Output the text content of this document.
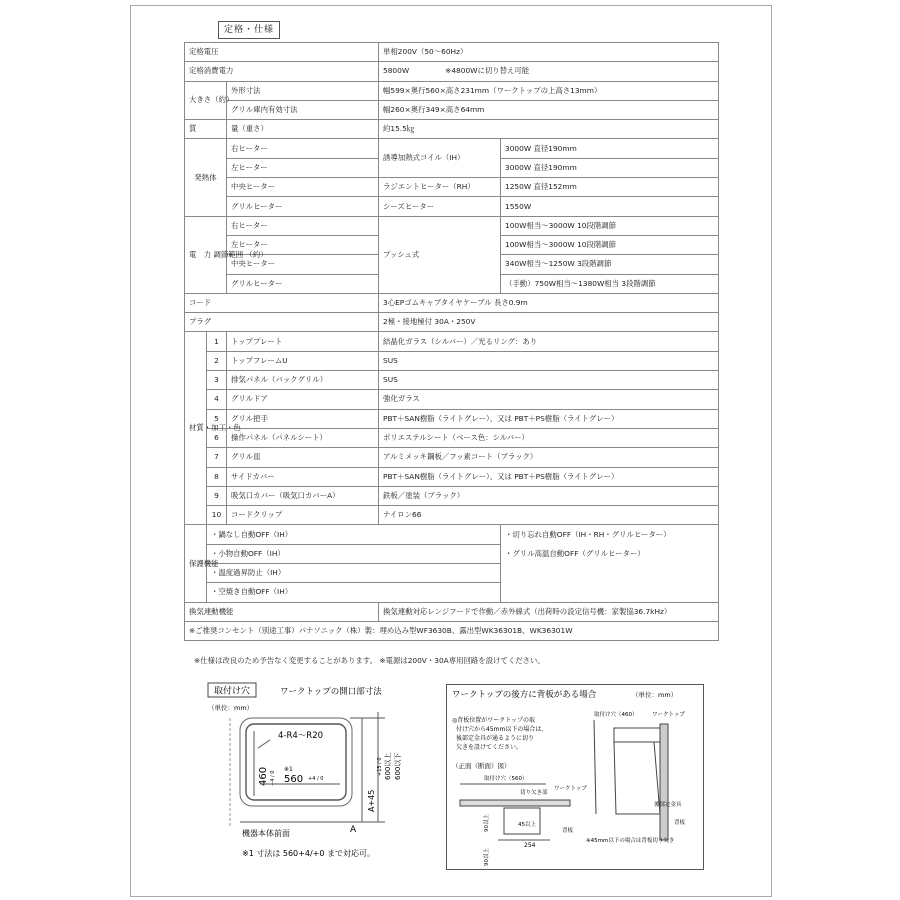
定格・仕様
定格電圧			単相200V（50〜60Hz）	
定格消費電力			5800W ※4800Wに切り替え可能	
大きさ（約）		外形寸法	幅599×奥行560×高さ231mm（ワークトップの上高さ13mm）	
		グリル庫内有効寸法	幅260×奥行349×高さ64mm	
質		量（重さ）	約15.5㎏	
発熱体		右ヒーター	誘導加熱式コイル（IH）	3000W 直径190mm
		左ヒーター		3000W 直径190mm
		中央ヒーター	ラジエントヒーター（RH）	1250W 直径152mm
		グリルヒーター	シーズヒーター	1550W
電　力 調節範囲 （約）		右ヒーター	プッシュ式	100W相当〜3000W 10段階調節
		左ヒーター		100W相当〜3000W 10段階調節
		中央ヒーター		340W相当〜1250W 3段階調節
		グリルヒーター		（手動）750W相当〜1380W相当 3段階調節
コード			3心EPゴムキャブタイヤケーブル 長さ0.9m	
プラグ			2極・接地極付 30A・250V	
材質・加工・色	1	トッププレート	結晶化ガラス（シルバー）／光るリング：あり	
	2	トップフレームU	SUS	
	3	排気パネル（バックグリル）	SUS	
	4	グリルドア	強化ガラス	
	5	グリル把手	PBT＋SAN樹脂（ライトグレー）、又は PBT＋PS樹脂（ライトグレー）	
	6	操作パネル（パネルシート）	ポリエステルシート（ベース色：シルバー）	
	7	グリル皿	アルミメッキ鋼板／フッ素コート（ブラック）	
	8	サイドカバー	PBT＋SAN樹脂（ライトグレー）、又は PBT＋PS樹脂（ライトグレー）	
	9	吸気口カバー（吸気口カバーA）	鉄板／塗装（ブラック）	
	10	コードクリップ	ナイロン66	
保護機能	・鍋なし自動OFF（IH）			・切り忘れ自動OFF（IH・RH・グリルヒーター）
	・小物自動OFF（IH）			・グリル高温自動OFF（グリルヒーター）
	・温度過昇防止（IH）			
	・空焼き自動OFF（IH）			
換気連動機能			換気連動対応レンジフードで作動／赤外線式（出荷時の設定信号機：家製協36.7kHz）	
※ご推奨コンセント（別途工事）パナソニック（株）製：埋め込み型WF3630B、露出型WK36301B、WK36301W				
※仕様は改良のため予告なく変更することがあります。 ※電源は200V・30A専用回路を設けてください。
取付け穴	ワークトップの開口部寸法
（単位：mm）
4-R4〜R20
460 +4 / 0
※1
560 +4 / 0
A+45
+15 / 0 600以上 600以下
A
機器本体前面
※1 寸法は 560+4/+0 まで対応可。
ワークトップの後方に背板がある場合	（単位：mm）
◎背板位置がワークトップの取
付け穴から45mm以下の場合は、
後部定金具が通るように切り
欠きを設けてください。
（正面（断面）図）
取付け穴（560）
切り欠き部
ワークトップ
45以上
254
背板
90以上
90以上
取付け穴（460）	ワークトップ
後部定金具
背板
※45mm以下の場合は背板切り欠き
